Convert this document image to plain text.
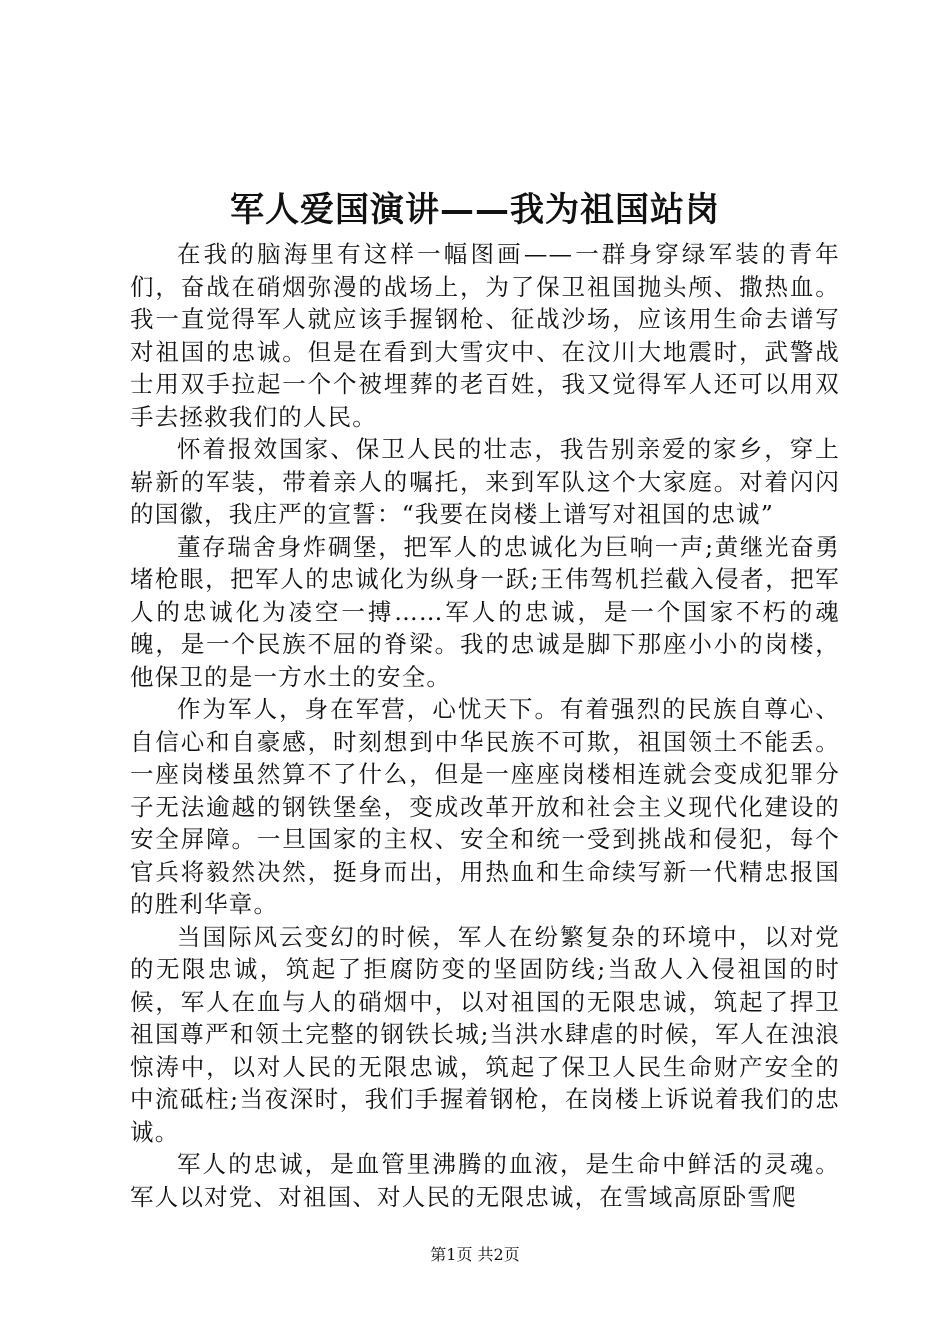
军人爱国演讲——我为祖国站岗

在我的脑海里有这样一幅图画——一群身穿绿军装的青年们，奋战在硝烟弥漫的战场上，为了保卫祖国抛头颅、撒热血。我一直觉得军人就应该手握钢枪、征战沙场，应该用生命去谱写对祖国的忠诚。但是在看到大雪灾中、在汶川大地震时，武警战士用双手拉起一个个被埋葬的老百姓，我又觉得军人还可以用双手去拯救我们的人民。

怀着报效国家、保卫人民的壮志，我告别亲爱的家乡，穿上崭新的军装，带着亲人的嘱托，来到军队这个大家庭。对着闪闪的国徽，我庄严的宣誓：“我要在岗楼上谱写对祖国的忠诚”

董存瑞舍身炸碉堡，把军人的忠诚化为巨响一声;黄继光奋勇堵枪眼，把军人的忠诚化为纵身一跃;王伟驾机拦截入侵者，把军人的忠诚化为凌空一搏……军人的忠诚，是一个国家不朽的魂魄，是一个民族不屈的脊梁。我的忠诚是脚下那座小小的岗楼，他保卫的是一方水土的安全。

作为军人，身在军营，心忧天下。有着强烈的民族自尊心、自信心和自豪感，时刻想到中华民族不可欺，祖国领土不能丢。一座岗楼虽然算不了什么，但是一座座岗楼相连就会变成犯罪分子无法逾越的钢铁堡垒，变成改革开放和社会主义现代化建设的安全屏障。一旦国家的主权、安全和统一受到挑战和侵犯，每个官兵将毅然决然，挺身而出，用热血和生命续写新一代精忠报国的胜利华章。

当国际风云变幻的时候，军人在纷繁复杂的环境中，以对党的无限忠诚，筑起了拒腐防变的坚固防线;当敌人入侵祖国的时候，军人在血与人的硝烟中，以对祖国的无限忠诚，筑起了捍卫祖国尊严和领土完整的钢铁长城;当洪水肆虐的时候，军人在浊浪惊涛中，以对人民的无限忠诚，筑起了保卫人民生命财产安全的中流砥柱;当夜深时，我们手握着钢枪，在岗楼上诉说着我们的忠诚。

军人的忠诚，是血管里沸腾的血液，是生命中鲜活的灵魂。军人以对党、对祖国、对人民的无限忠诚，在雪域高原卧雪爬

第1页 共2页
